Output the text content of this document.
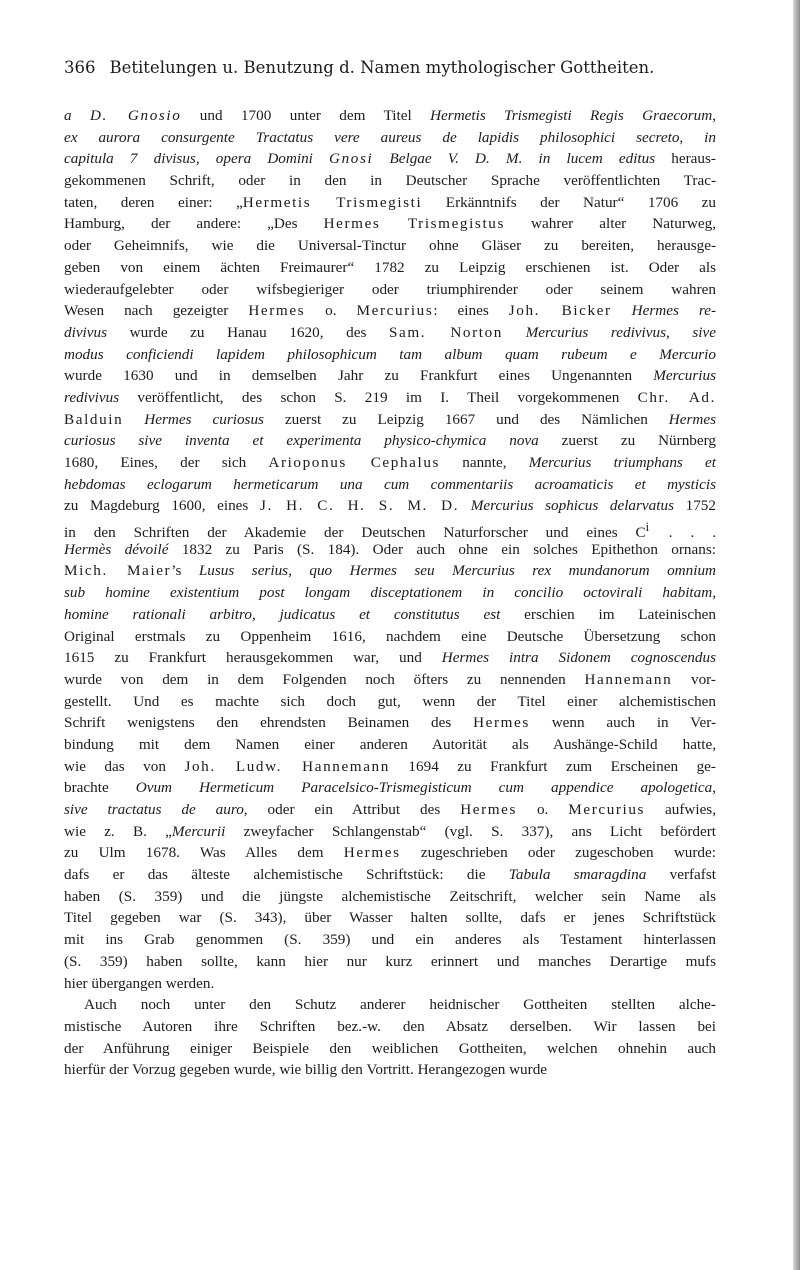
366 Betitelungen u. Benutzung d. Namen mythologischer Gottheiten.
a D. Gnosio und 1700 unter dem Titel Hermetis Trismegisti Regis Graecorum,
ex aurora consurgente Tractatus vere aureus de lapidis philosophici secreto, in
capitula 7 divisus, opera Domini Gnosi Belgae V. D. M. in lucem editus heraus-
gekommenen Schrift, oder in den in Deutscher Sprache veröffentlichten Trac-
taten, deren einer: „Hermetis Trismegisti Erkänntnifs der Natur“ 1706 zu
Hamburg, der andere: „Des Hermes Trismegistus wahrer alter Naturweg,
oder Geheimnifs, wie die Universal-Tinctur ohne Gläser zu bereiten, herausge-
geben von einem ächten Freimaurer“ 1782 zu Leipzig erschienen ist. Oder als
wiederaufgelebter oder wifsbegieriger oder triumphirender oder seinem wahren
Wesen nach gezeigter Hermes o. Mercurius: eines Joh. Bicker Hermes re-
divivus wurde zu Hanau 1620, des Sam. Norton Mercurius redivivus, sive
modus conficiendi lapidem philosophicum tam album quam rubeum e Mercurio
wurde 1630 und in demselben Jahr zu Frankfurt eines Ungenannten Mercurius
redivivus veröffentlicht, des schon S. 219 im I. Theil vorgekommenen Chr. Ad.
Balduin Hermes curiosus zuerst zu Leipzig 1667 und des Nämlichen Hermes
curiosus sive inventa et experimenta physico-chymica nova zuerst zu Nürnberg
1680, Eines, der sich Arioponus Cephalus nannte, Mercurius triumphans et
hebdomas eclogarum hermeticarum una cum commentariis acroamaticis et mysticis
zu Magdeburg 1600, eines J. H. C. H. S. M. D. Mercurius sophicus delarvatus 1752
in den Schriften der Akademie der Deutschen Naturforscher und eines $C^i$ . . .
Hermès dévoilé 1832 zu Paris (S. 184). Oder auch ohne ein solches Epithethon ornans:
Mich. Maier’s Lusus serius, quo Hermes seu Mercurius rex mundanorum omnium
sub homine existentium post longam disceptationem in concilio octovirali habitam,
homine rationali arbitro, judicatus et constitutus est erschien im Lateinischen
Original erstmals zu Oppenheim 1616, nachdem eine Deutsche Übersetzung schon
1615 zu Frankfurt herausgekommen war, und Hermes intra Sidonem cognoscendus
wurde von dem in dem Folgenden noch öfters zu nennenden Hannemann vor-
gestellt. Und es machte sich doch gut, wenn der Titel einer alchemistischen
Schrift wenigstens den ehrendsten Beinamen des Hermes wenn auch in Ver-
bindung mit dem Namen einer anderen Autorität als Aushänge-Schild hatte,
wie das von Joh. Ludw. Hannemann 1694 zu Frankfurt zum Erscheinen ge-
brachte Ovum Hermeticum Paracelsico-Trismegisticum cum appendice apologetica,
sive tractatus de auro, oder ein Attribut des Hermes o. Mercurius aufwies,
wie z. B. „Mercurii zweyfacher Schlangenstab“ (vgl. S. 337), ans Licht befördert
zu Ulm 1678. Was Alles dem Hermes zugeschrieben oder zugeschoben wurde:
dafs er das älteste alchemistische Schriftstück: die Tabula smaragdina verfafst
haben (S. 359) und die jüngste alchemistische Zeitschrift, welcher sein Name als
Titel gegeben war (S. 343), über Wasser halten sollte, dafs er jenes Schriftstück
mit ins Grab genommen (S. 359) und ein anderes als Testament hinterlassen
(S. 359) haben sollte, kann hier nur kurz erinnert und manches Derartige mufs
hier übergangen werden.
Auch noch unter den Schutz anderer heidnischer Gottheiten stellten alche-
mistische Autoren ihre Schriften bez.-w. den Absatz derselben. Wir lassen bei
der Anführung einiger Beispiele den weiblichen Gottheiten, welchen ohnehin auch
hierfür der Vorzug gegeben wurde, wie billig den Vortritt. Herangezogen wurde
